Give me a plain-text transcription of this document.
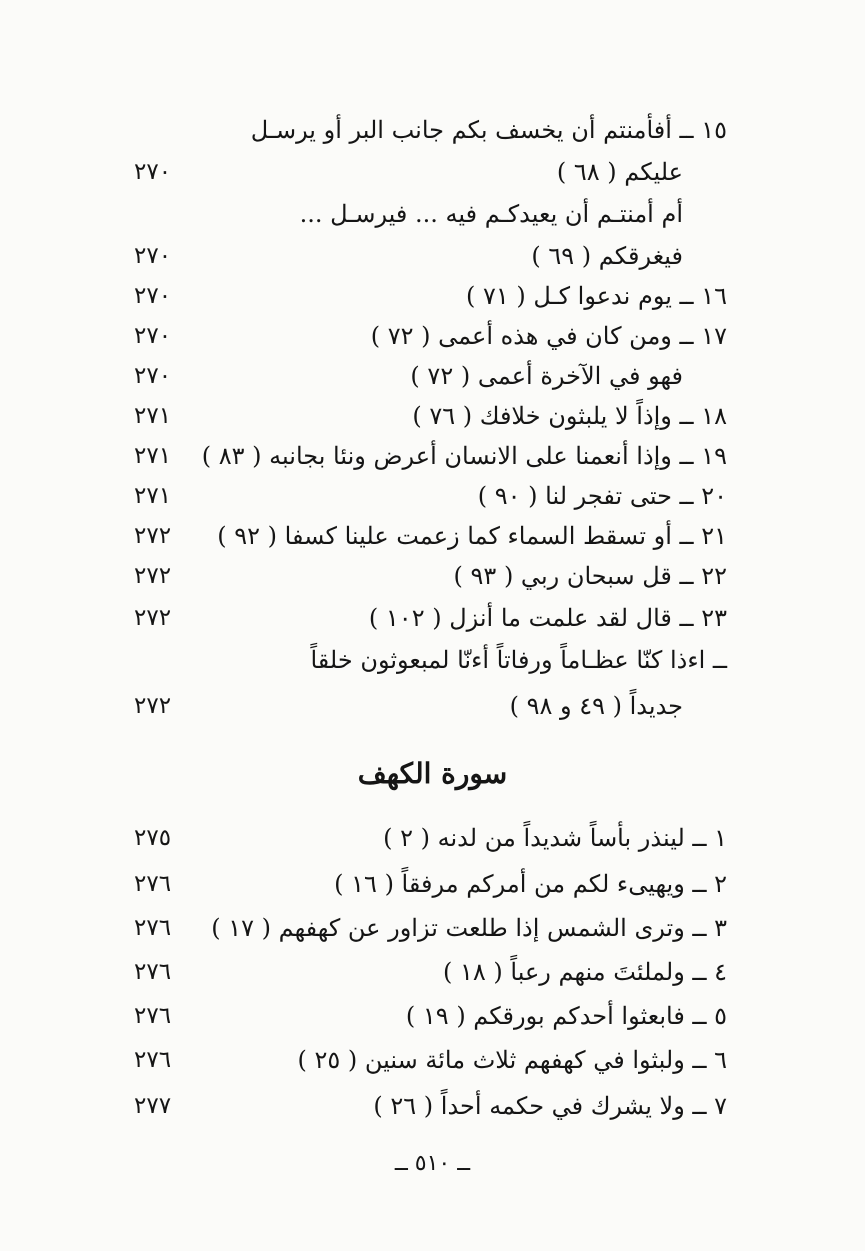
١٥ ــ أفأمنتم أن يخسف بكم جانب البر أو يرسـل
عليكم ( ٦٨ )
٢٧٠
أم أمنتـم أن يعيدكـم فيه ... فيرسـل ...
فيغرقكم ( ٦٩ )
٢٧٠
١٦ ــ يوم ندعوا كـل ( ٧١ )
٢٧٠
١٧ ــ ومن كان في هذه أعمى ( ٧٢ )
٢٧٠
فهو في الآخرة أعمى ( ٧٢ )
٢٧٠
١٨ ــ وإذاً لا يلبثون خلافك ( ٧٦ )
٢٧١
١٩ ــ وإذا أنعمنا على الانسان أعرض ونئا بجانبه ( ٨٣ )
٢٧١
٢٠ ــ حتى تفجر لنا ( ٩٠ )
٢٧١
٢١ ــ أو تسقط السماء كما زعمت علينا كسفا ( ٩٢ )
٢٧٢
٢٢ ــ قل سبحان ربي ( ٩٣ )
٢٧٢
٢٣ ــ قال لقد علمت ما أنزل ( ١٠٢ )
٢٧٢
ــ اءذا كنّا عظـاماً ورفاتاً أءنّا لمبعوثون خلقاً
جديداً ( ٤٩ و ٩٨ )
٢٧٢
سورة الكهف
١ ــ لينذر بأساً شديداً من لدنه ( ٢ )
٢٧٥
٢ ــ ويهيىء لكم من أمركم مرفقاً ( ١٦ )
٢٧٦
٣ ــ وترى الشمس إذا طلعت تزاور عن كهفهم ( ١٧ )
٢٧٦
٤ ــ ولملئتَ منهم رعباً ( ١٨ )
٢٧٦
٥ ــ فابعثوا أحدكم بورقكم ( ١٩ )
٢٧٦
٦ ــ ولبثوا في كهفهم ثلاث مائة سنين ( ٢٥ )
٢٧٦
٧ ــ ولا يشرك في حكمه أحداً ( ٢٦ )
٢٧٧
ــ ٥١٠ ــ
